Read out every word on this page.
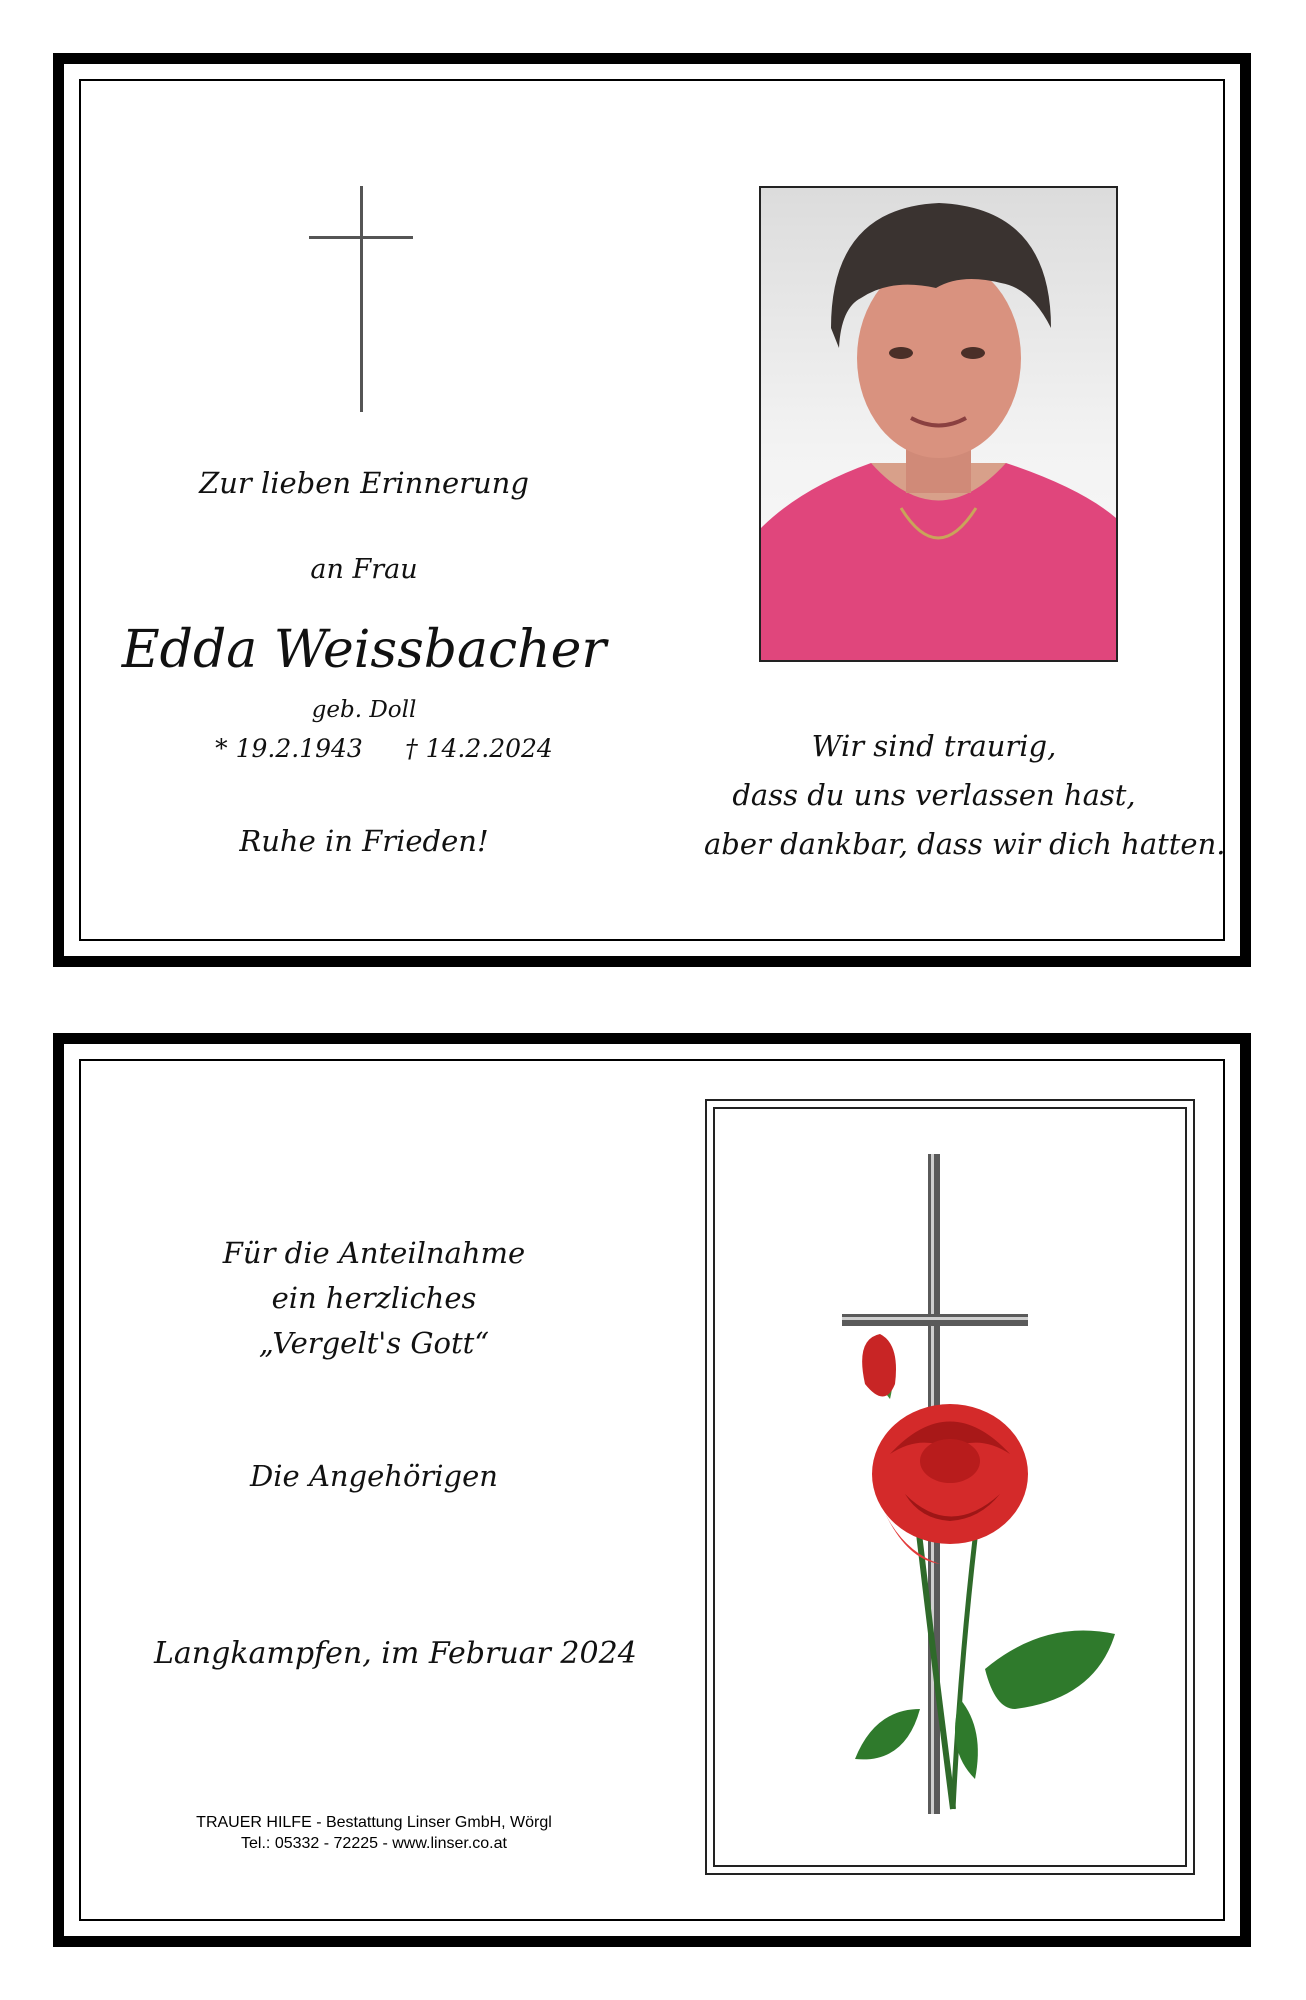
Zur lieben Erinnerung
an Frau
Edda Weissbacher
geb. Doll
* 19.2.1943	† 14.2.2024
Ruhe in Frieden!
Wir sind traurig,
dass du uns verlassen hast,
aber dankbar, dass wir dich hatten.
Für die Anteilnahme
ein herzliches
„Vergelt's Gott“
Die Angehörigen
Langkampfen, im Februar 2024
TRAUER HILFE - Bestattung Linser GmbH, Wörgl
Tel.: 05332 - 72225 - www.linser.co.at
